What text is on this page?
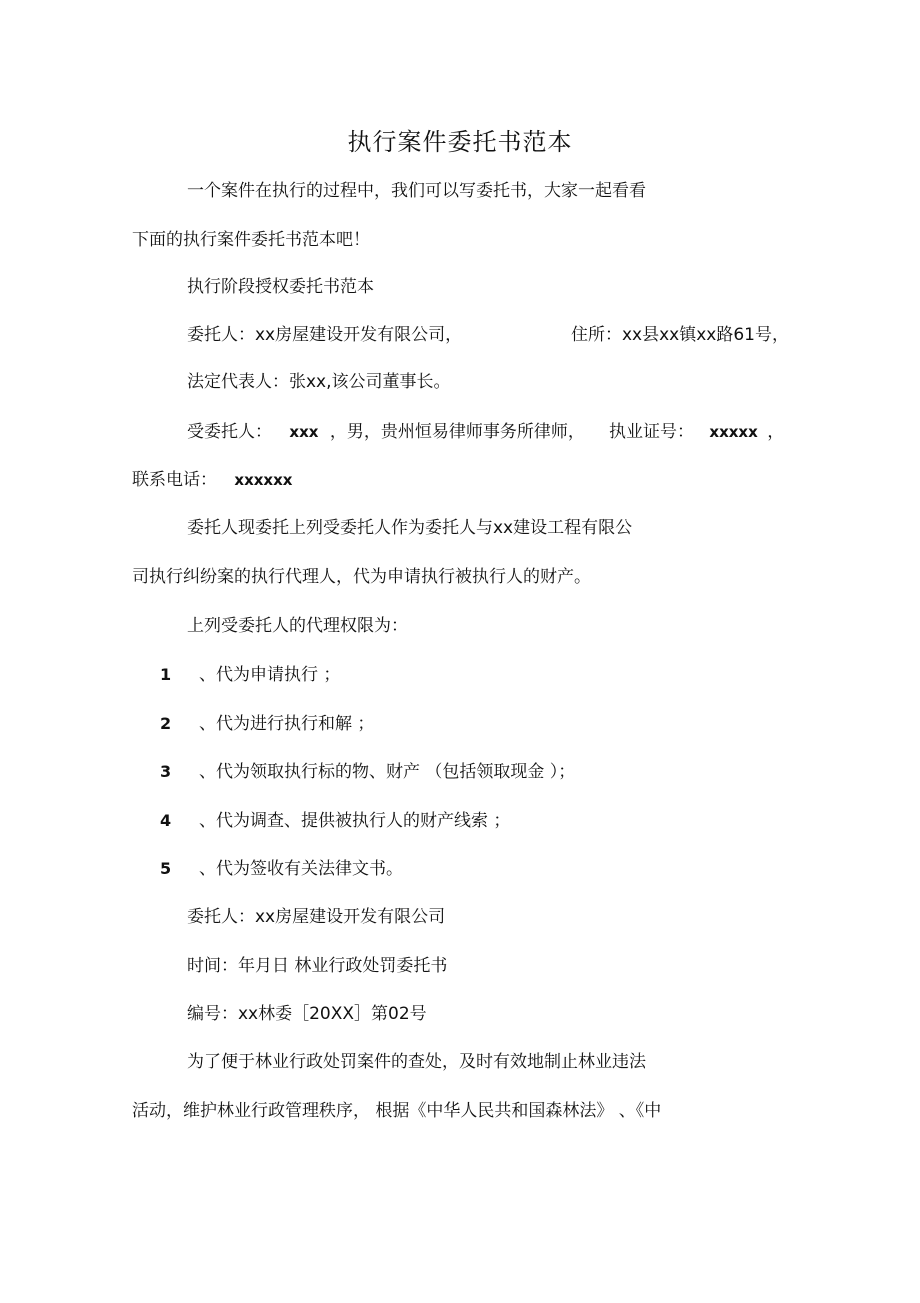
执行案件委托书范本

一个案件在执行的过程中，我们可以写委托书，大家一起看看

下面的执行案件委托书范本吧！

执行阶段授权委托书范本

委托人：xx房屋建设开发有限公司，	住所：xx县xx镇xx路61号，

法定代表人：张xx,该公司董事长。

受委托人： xxx ，男，贵州恒易律师事务所律师， 执业证号： xxxxx ，

联系电话： xxxxxx

委托人现委托上列受委托人作为委托人与xx建设工程有限公

司执行纠纷案的执行代理人，代为申请执行被执行人的财产。

上列受委托人的代理权限为：

1 、代为申请执行 ；
2 、代为进行执行和解 ；
3 、代为领取执行标的物、财产 （包括领取现金 ）；
4 、代为调查、提供被执行人的财产线索 ；
5 、代为签收有关法律文书。

委托人：xx房屋建设开发有限公司

时间：年月日 林业行政处罚委托书

编号：xx林委［20XX］第02号

为了便于林业行政处罚案件的查处，及时有效地制止林业违法

活动，维护林业行政管理秩序， 根据《中华人民共和国森林法》 、《中
